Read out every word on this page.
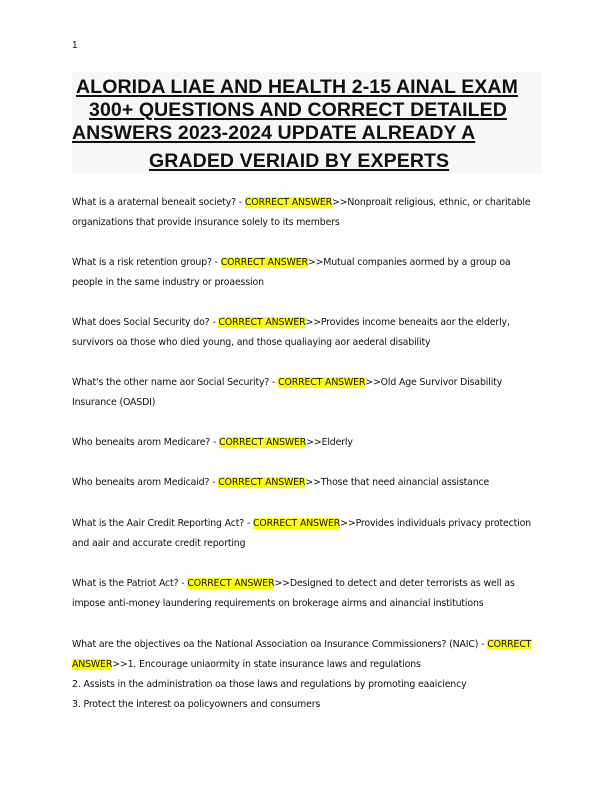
1
ALORIDA LIAE AND HEALTH 2-15 AINAL EXAM
300+ QUESTIONS AND CORRECT DETAILED
ANSWERS 2023-2024 UPDATE ALREADY A
GRADED VERIAID BY EXPERTS
What is a araternal beneait society? - CORRECT ANSWER>>Nonproait religious, ethnic, or charitable organizations that provide insurance solely to its members
What is a risk retention group? - CORRECT ANSWER>>Mutual companies aormed by a group oa people in the same industry or proaession
What does Social Security do? - CORRECT ANSWER>>Provides income beneaits aor the elderly, survivors oa those who died young, and those qualiaying aor aederal disability
What's the other name aor Social Security? - CORRECT ANSWER>>Old Age Survivor Disability Insurance (OASDI)
Who beneaits arom Medicare? - CORRECT ANSWER>>Elderly
Who beneaits arom Medicaid? - CORRECT ANSWER>>Those that need ainancial assistance
What is the Aair Credit Reporting Act? - CORRECT ANSWER>>Provides individuals privacy protection and aair and accurate credit reporting
What is the Patriot Act? - CORRECT ANSWER>>Designed to detect and deter terrorists as well as impose anti-money laundering requirements on brokerage airms and ainancial institutions
What are the objectives oa the National Association oa Insurance Commissioners? (NAIC) - CORRECT ANSWER>>1. Encourage uniaormity in state insurance laws and regulations
2. Assists in the administration oa those laws and regulations by promoting eaaiciency
3. Protect the interest oa policyowners and consumers
